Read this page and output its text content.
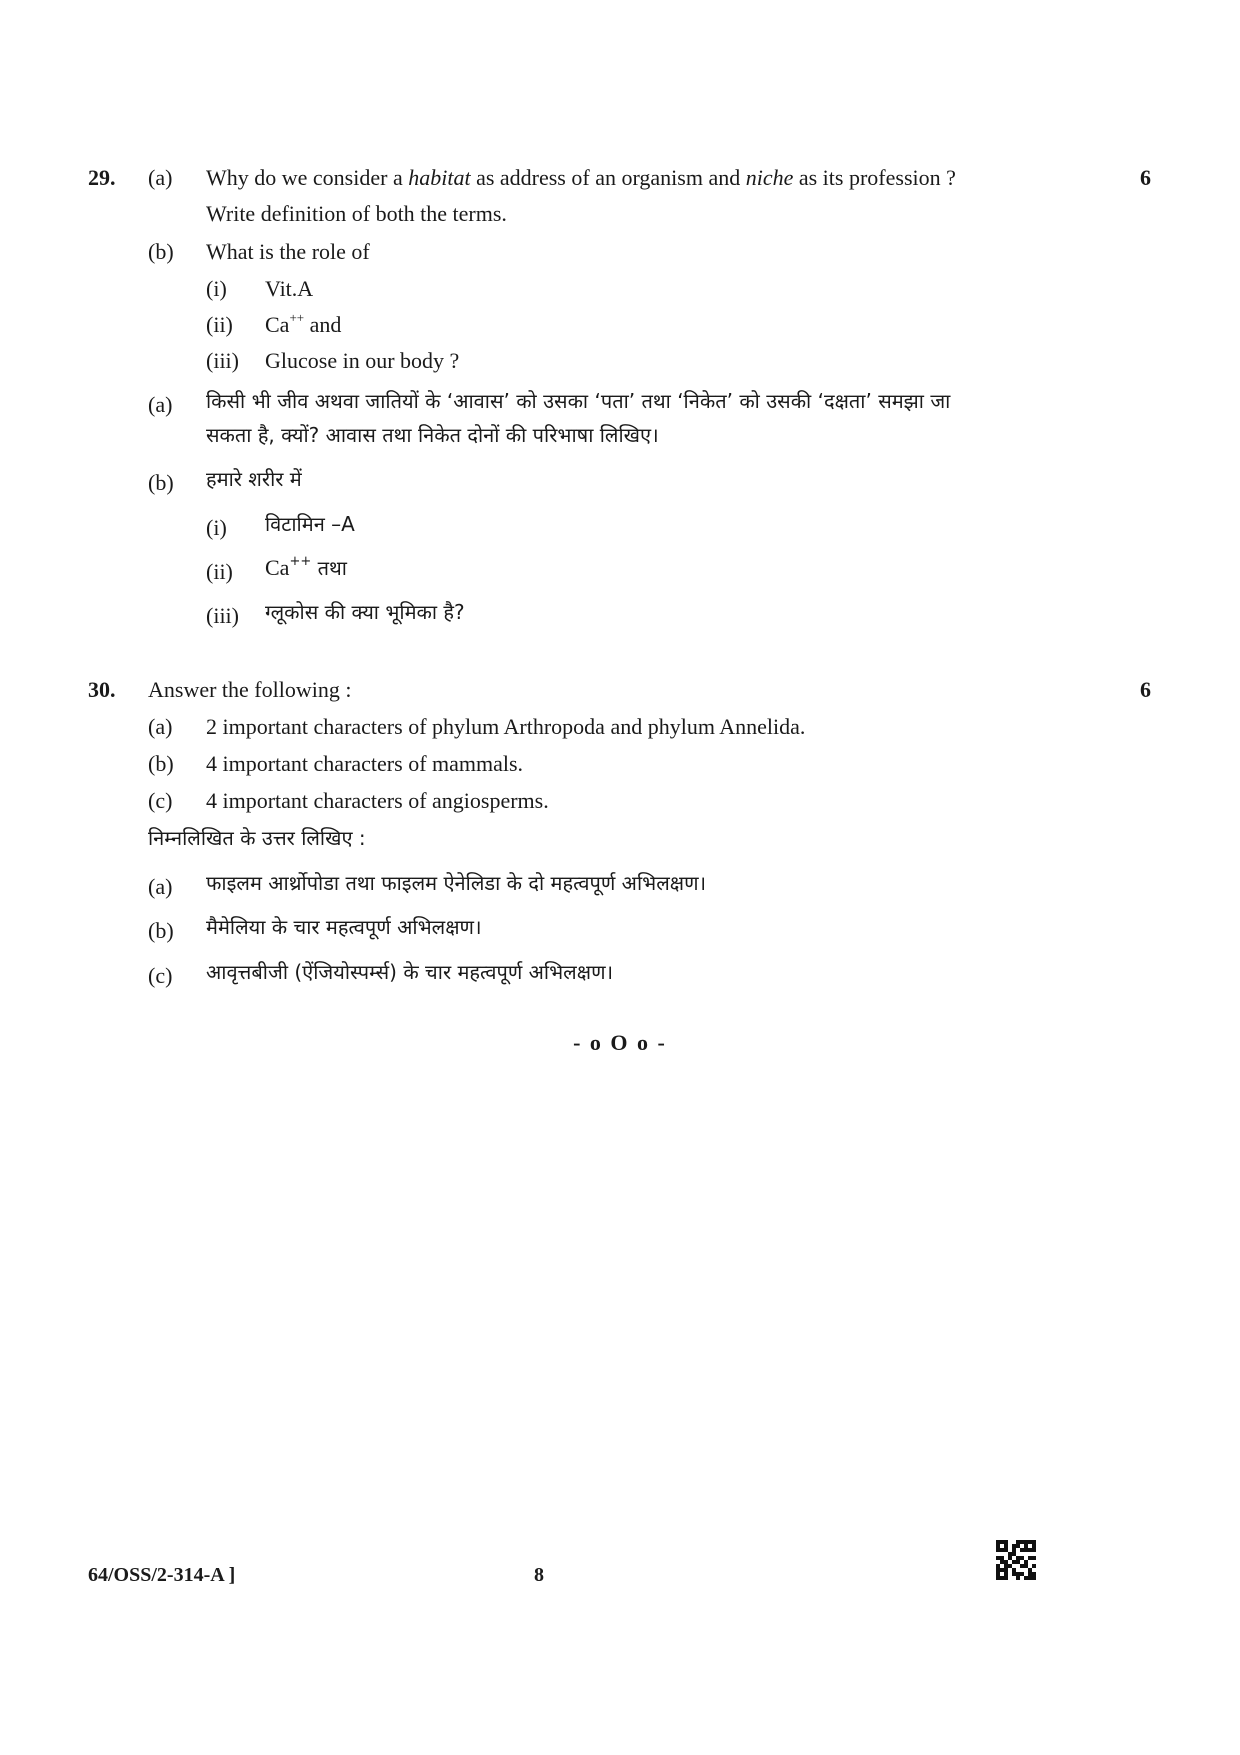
29.	6
(a) Why do we consider a habitat as address of an organism and niche as its profession ?
Write definition of both the terms.
(b) What is the role of
(i) Vit.A
(ii) Ca++ and
(iii) Glucose in our body ?
(a) किसी भी जीव अथवा जातियों के ‘आवास’ को उसका ‘पता’ तथा ‘निकेत’ को उसकी ‘दक्षता’ समझा जा
सकता है, क्यों? आवास तथा निकेत दोनों की परिभाषा लिखिए।
(b) हमारे शरीर में
(i) विटामिन –A
(ii) Ca++ तथा
(iii) ग्लूकोस की क्या भूमिका है?
30.	6
Answer the following :
(a) 2 important characters of phylum Arthropoda and phylum Annelida.
(b) 4 important characters of mammals.
(c) 4 important characters of angiosperms.
निम्नलिखित के उत्तर लिखिए :
(a) फाइलम आर्थ्रोपोडा तथा फाइलम ऐनेलिडा के दो महत्वपूर्ण अभिलक्षण।
(b) मैमेलिया के चार महत्वपूर्ण अभिलक्षण।
(c) आवृत्तबीजी (ऐंजियोस्पर्म्स) के चार महत्वपूर्ण अभिलक्षण।
- o O o -
64/OSS/2-314-A ]	8
